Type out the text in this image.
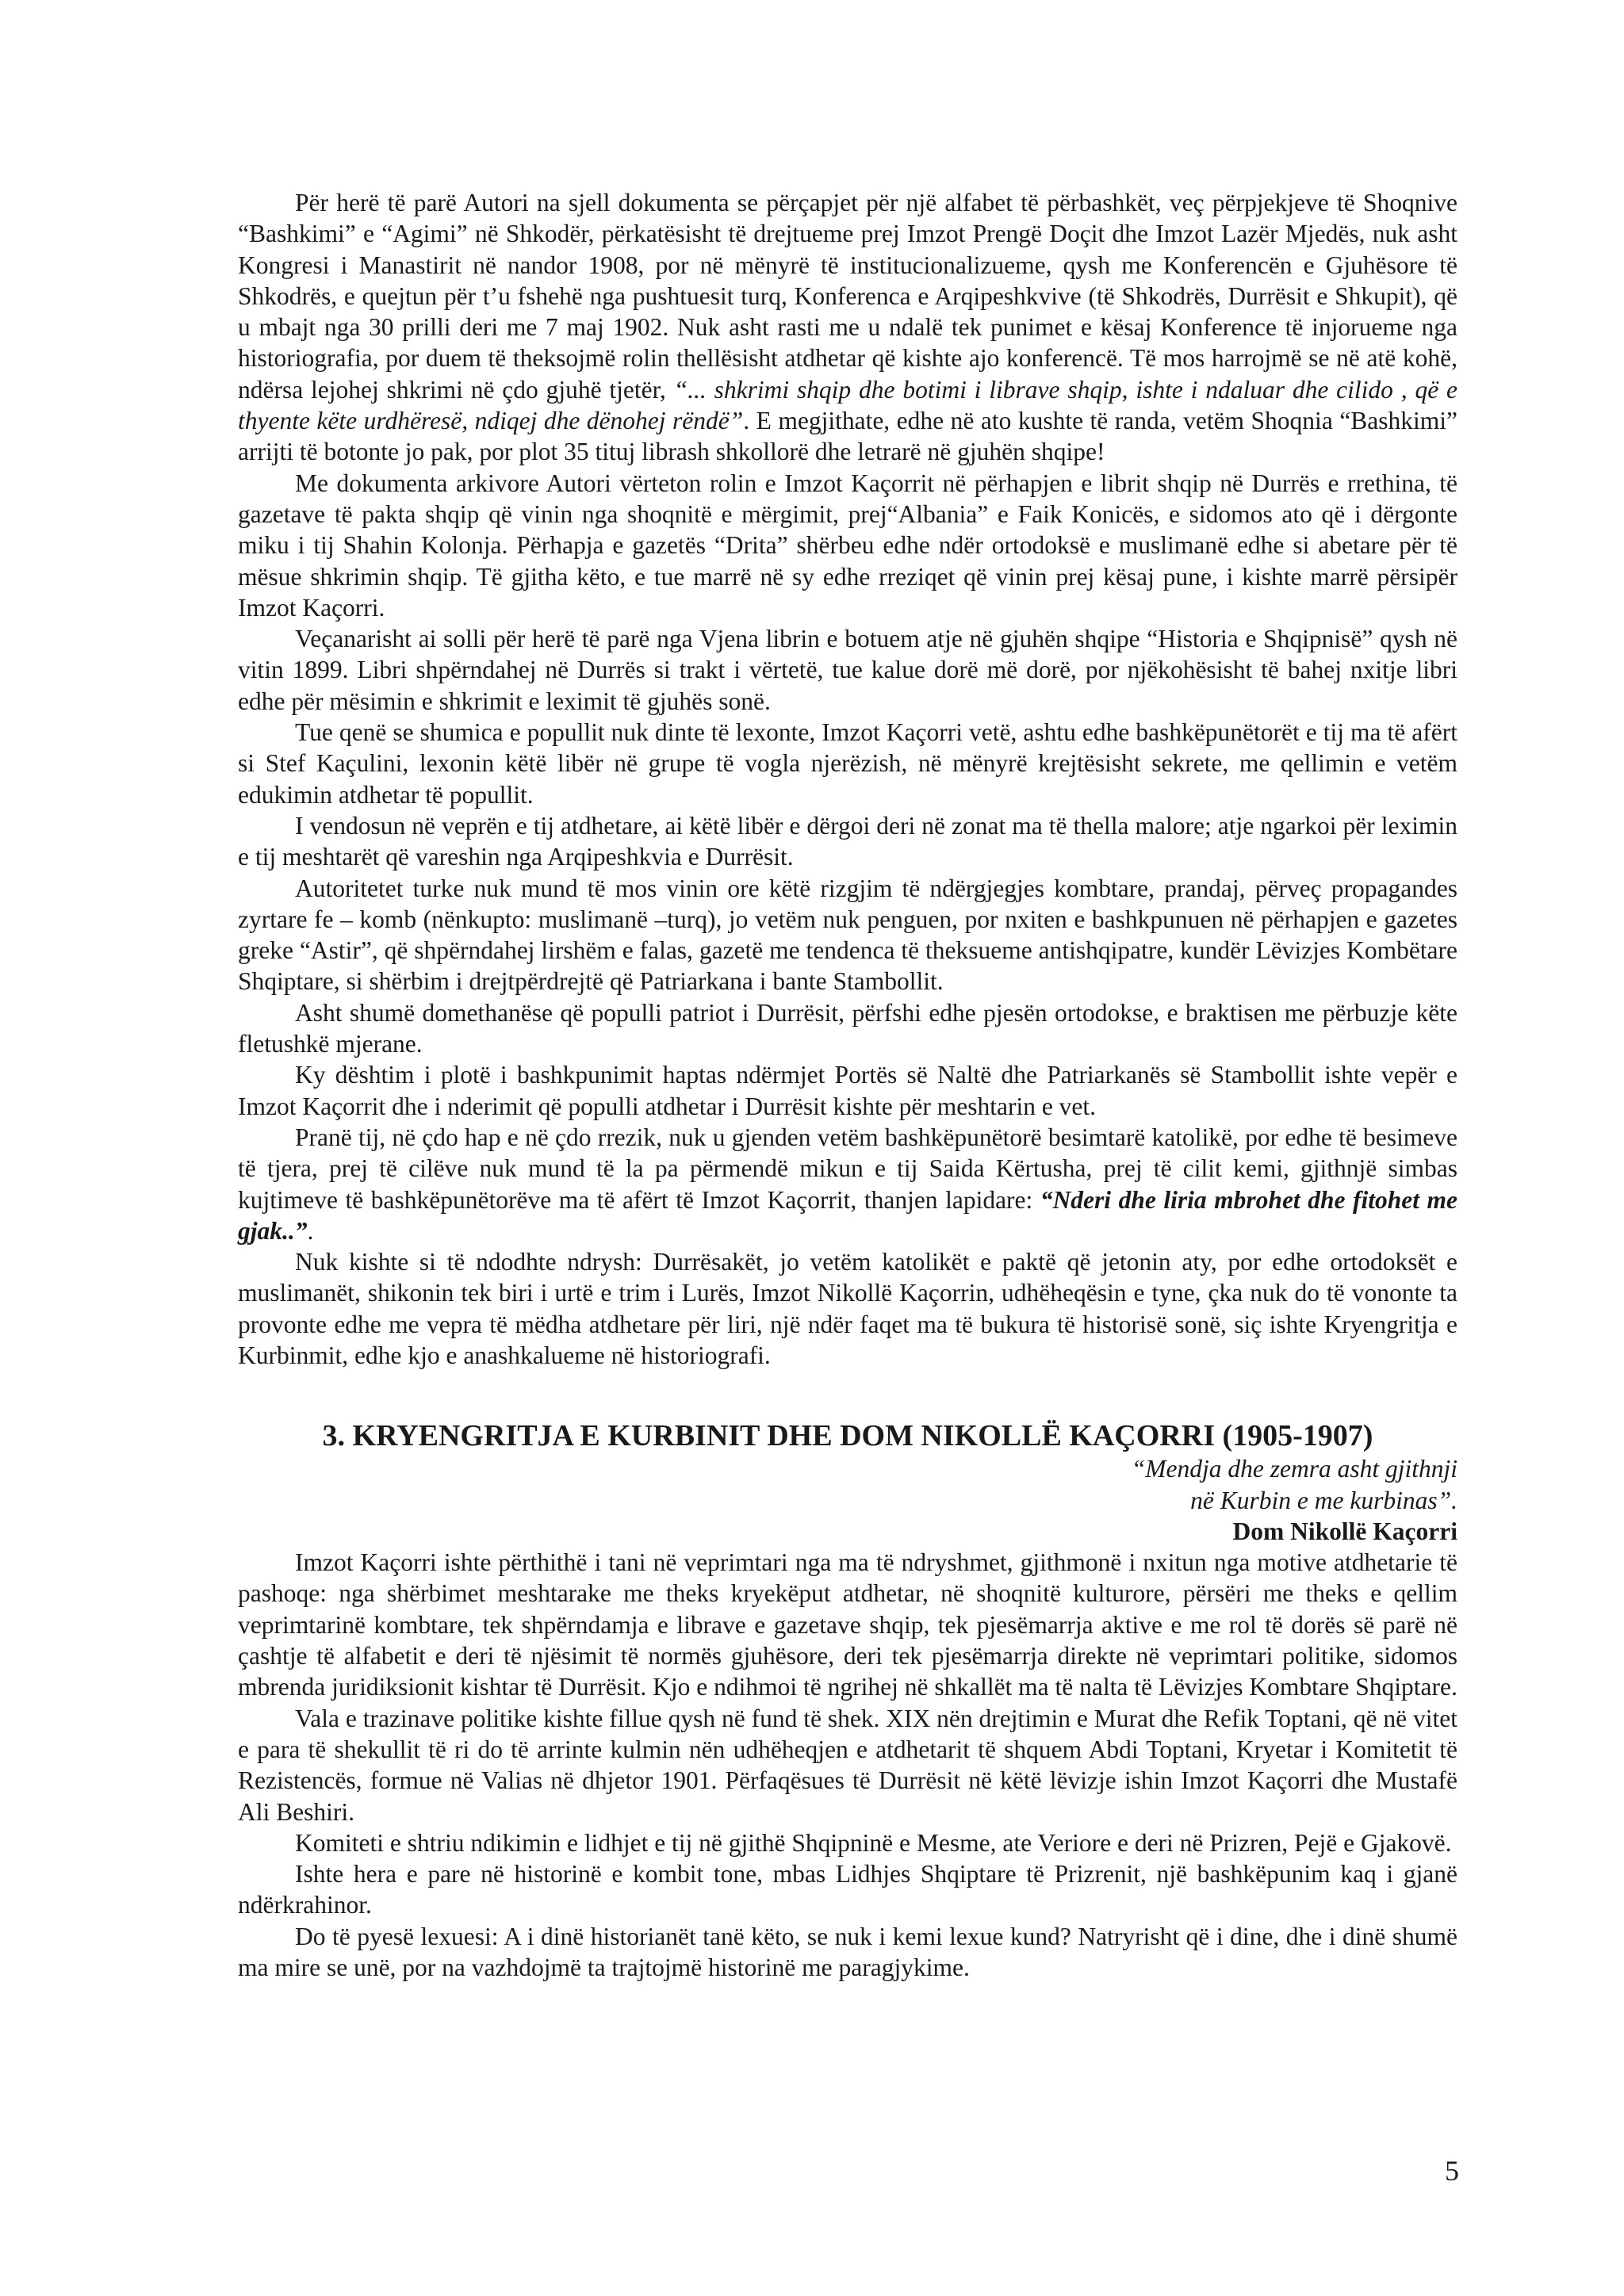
Për herë të parë Autori na sjell dokumenta se përçapjet për një alfabet të përbashkët, veç përpjekjeve të Shoqnive “Bashkimi” e “Agimi” në Shkodër, përkatësisht të drejtueme prej Imzot Prengë Doçit dhe Imzot Lazër Mjedës, nuk asht Kongresi i Manastirit në nandor 1908, por në mënyrë të institucionalizueme, qysh me Konferencën e Gjuhësore të Shkodrës, e quejtun për t’u fshehë nga pushtuesit turq, Konferenca e Arqipeshkvive (të Shkodrës, Durrësit e Shkupit), që u mbajt nga 30 prilli deri me 7 maj 1902. Nuk asht rasti me u ndalë tek punimet e kësaj Konference të injorueme nga historiografia, por duem të theksojmë rolin thellësisht atdhetar që kishte ajo konferencë. Të mos harrojmë se në atë kohë, ndërsa lejohej shkrimi në çdo gjuhë tjetër, “... shkrimi shqip dhe botimi i librave shqip, ishte i ndaluar dhe cilido , që e thyente këte urdhëresë, ndiqej dhe dënohej rëndë”. E megjithate, edhe në ato kushte të randa, vetëm Shoqnia “Bashkimi” arrijti të botonte jo pak, por plot 35 tituj librash shkollorë dhe letrarë në gjuhën shqipe!

Me dokumenta arkivore Autori vërteton rolin e Imzot Kaçorrit në përhapjen e librit shqip në Durrës e rrethina, të gazetave të pakta shqip që vinin nga shoqnitë e mërgimit, prej“Albania” e Faik Konicës, e sidomos ato që i dërgonte miku i tij Shahin Kolonja. Përhapja e gazetës “Drita” shërbeu edhe ndër ortodoksë e muslimanë edhe si abetare për të mësue shkrimin shqip. Të gjitha këto, e tue marrë në sy edhe rreziqet që vinin prej kësaj pune, i kishte marrë përsipër Imzot Kaçorri.

Veçanarisht ai solli për herë të parë nga Vjena librin e botuem atje në gjuhën shqipe “Historia e Shqipnisë” qysh në vitin 1899. Libri shpërndahej në Durrës si trakt i vërtetë, tue kalue dorë më dorë, por njëkohësisht të bahej nxitje libri edhe për mësimin e shkrimit e leximit të gjuhës sonë.

Tue qenë se shumica e popullit nuk dinte të lexonte, Imzot Kaçorri vetë, ashtu edhe bashkëpunëtorët e tij ma të afërt si Stef Kaçulini, lexonin këtë libër në grupe të vogla njerëzish, në mënyrë krejtësisht sekrete, me qellimin e vetëm edukimin atdhetar të popullit.

I vendosun në veprën e tij atdhetare, ai këtë libër e dërgoi deri në zonat ma të thella malore; atje ngarkoi për leximin e tij meshtarët që vareshin nga Arqipeshkvia e Durrësit.

Autoritetet turke nuk mund të mos vinin ore këtë rizgjim të ndërgjegjes kombtare, prandaj, përveç propagandes zyrtare fe – komb (nënkupto: muslimanë –turq), jo vetëm nuk penguen, por nxiten e bashkpunuen në përhapjen e gazetes greke “Astir”, që shpërndahej lirshëm e falas, gazetë me tendenca të theksueme antishqipatre, kundër Lëvizjes Kombëtare Shqiptare, si shërbim i drejtpërdrejtë që Patriarkana i bante Stambollit.

Asht shumë domethanëse që populli patriot i Durrësit, përfshi edhe pjesën ortodokse, e braktisen me përbuzje këte fletushkë mjerane.

Ky dështim i plotë i bashkpunimit haptas ndërmjet Portës së Naltë dhe Patriarkanës së Stambollit ishte vepër e Imzot Kaçorrit dhe i nderimit që populli atdhetar i Durrësit kishte për meshtarin e vet.

Pranë tij, në çdo hap e në çdo rrezik, nuk u gjenden vetëm bashkëpunëtorë besimtarë katolikë, por edhe të besimeve të tjera, prej të cilëve nuk mund të la pa përmendë mikun e tij Saida Kërtusha, prej të cilit kemi, gjithnjë simbas kujtimeve të bashkëpunëtorëve ma të afërt të Imzot Kaçorrit, thanjen lapidare: “Nderi dhe liria mbrohet dhe fitohet me gjak..”.

Nuk kishte si të ndodhte ndrysh: Durrësakët, jo vetëm katolikët e paktë që jetonin aty, por edhe ortodoksët e muslimanët, shikonin tek biri i urtë e trim i Lurës, Imzot Nikollë Kaçorrin, udhëheqësin e tyne, çka nuk do të vononte ta provonte edhe me vepra të mëdha atdhetare për liri, një ndër faqet ma të bukura të historisë sonë, siç ishte Kryengritja e Kurbinmit, edhe kjo e anashkalueme në historiografi.

3. KRYENGRITJA E KURBINIT DHE DOM NIKOLLË KAÇORRI (1905-1907)

“Mendja dhe zemra asht gjithnji

në Kurbin e me kurbinas”.

Dom Nikollë Kaçorri

Imzot Kaçorri ishte përthithë i tani në veprimtari nga ma të ndryshmet, gjithmonë i nxitun nga motive atdhetarie të pashoqe: nga shërbimet meshtarake me theks kryekëput atdhetar, në shoqnitë kulturore, përsëri me theks e qellim veprimtarinë kombtare, tek shpërndamja e librave e gazetave shqip, tek pjesëmarrja aktive e me rol të dorës së parë në çashtje të alfabetit e deri të njësimit të normës gjuhësore, deri tek pjesëmarrja direkte në veprimtari politike, sidomos mbrenda juridiksionit kishtar të Durrësit. Kjo e ndihmoi të ngrihej në shkallët ma të nalta të Lëvizjes Kombtare Shqiptare.

Vala e trazinave politike kishte fillue qysh në fund të shek. XIX nën drejtimin e Murat dhe Refik Toptani, që në vitet e para të shekullit të ri do të arrinte kulmin nën udhëheqjen e atdhetarit të shquem Abdi Toptani, Kryetar i Komitetit të Rezistencës, formue në Valias në dhjetor 1901. Përfaqësues të Durrësit në këtë lëvizje ishin Imzot Kaçorri dhe Mustafë Ali Beshiri.

Komiteti e shtriu ndikimin e lidhjet e tij në gjithë Shqipninë e Mesme, ate Veriore e deri në Prizren, Pejë e Gjakovë.

Ishte hera e pare në historinë e kombit tone, mbas Lidhjes Shqiptare të Prizrenit, një bashkëpunim kaq i gjanë ndërkrahinor.

Do të pyesë lexuesi: A i dinë historianët tanë këto, se nuk i kemi lexue kund? Natryrisht që i dine, dhe i dinë shumë ma mire se unë, por na vazhdojmë ta trajtojmë historinë me paragjykime.

5
